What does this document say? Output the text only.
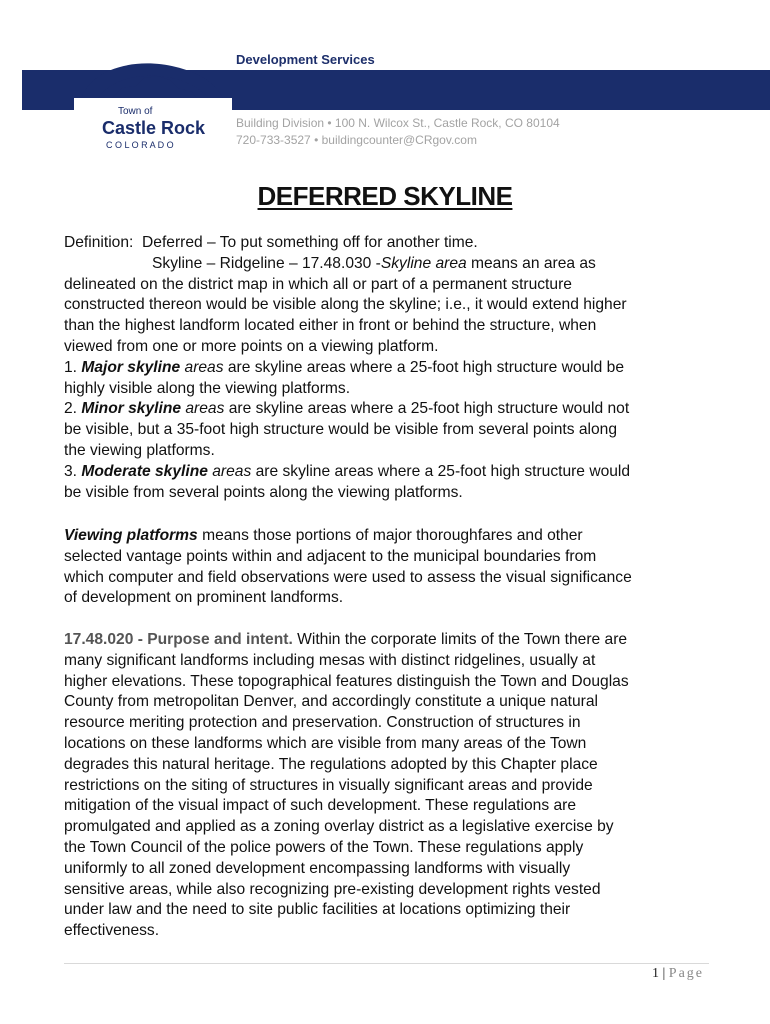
Development Services
Town of
Castle Rock
C O L O R A D O
Building Division • 100 N. Wilcox St., Castle Rock, CO 80104
720-733-3527 • buildingcounter@CRgov.com
DEFERRED SKYLINE
Definition: Deferred – To put something off for another time.
Skyline – Ridgeline – 17.48.030 -Skyline area means an area as
delineated on the district map in which all or part of a permanent structure
constructed thereon would be visible along the skyline; i.e., it would extend higher
than the highest landform located either in front or behind the structure, when
viewed from one or more points on a viewing platform.
1. Major skyline areas are skyline areas where a 25-foot high structure would be
highly visible along the viewing platforms.
2. Minor skyline areas are skyline areas where a 25-foot high structure would not
be visible, but a 35-foot high structure would be visible from several points along
the viewing platforms.
3. Moderate skyline areas are skyline areas where a 25-foot high structure would
be visible from several points along the viewing platforms.
Viewing platforms means those portions of major thoroughfares and other
selected vantage points within and adjacent to the municipal boundaries from
which computer and field observations were used to assess the visual significance
of development on prominent landforms.
17.48.020 - Purpose and intent. Within the corporate limits of the Town there are
many significant landforms including mesas with distinct ridgelines, usually at
higher elevations. These topographical features distinguish the Town and Douglas
County from metropolitan Denver, and accordingly constitute a unique natural
resource meriting protection and preservation. Construction of structures in
locations on these landforms which are visible from many areas of the Town
degrades this natural heritage. The regulations adopted by this Chapter place
restrictions on the siting of structures in visually significant areas and provide
mitigation of the visual impact of such development. These regulations are
promulgated and applied as a zoning overlay district as a legislative exercise by
the Town Council of the police powers of the Town. These regulations apply
uniformly to all zoned development encompassing landforms with visually
sensitive areas, while also recognizing pre-existing development rights vested
under law and the need to site public facilities at locations optimizing their
effectiveness.
1 | Page
